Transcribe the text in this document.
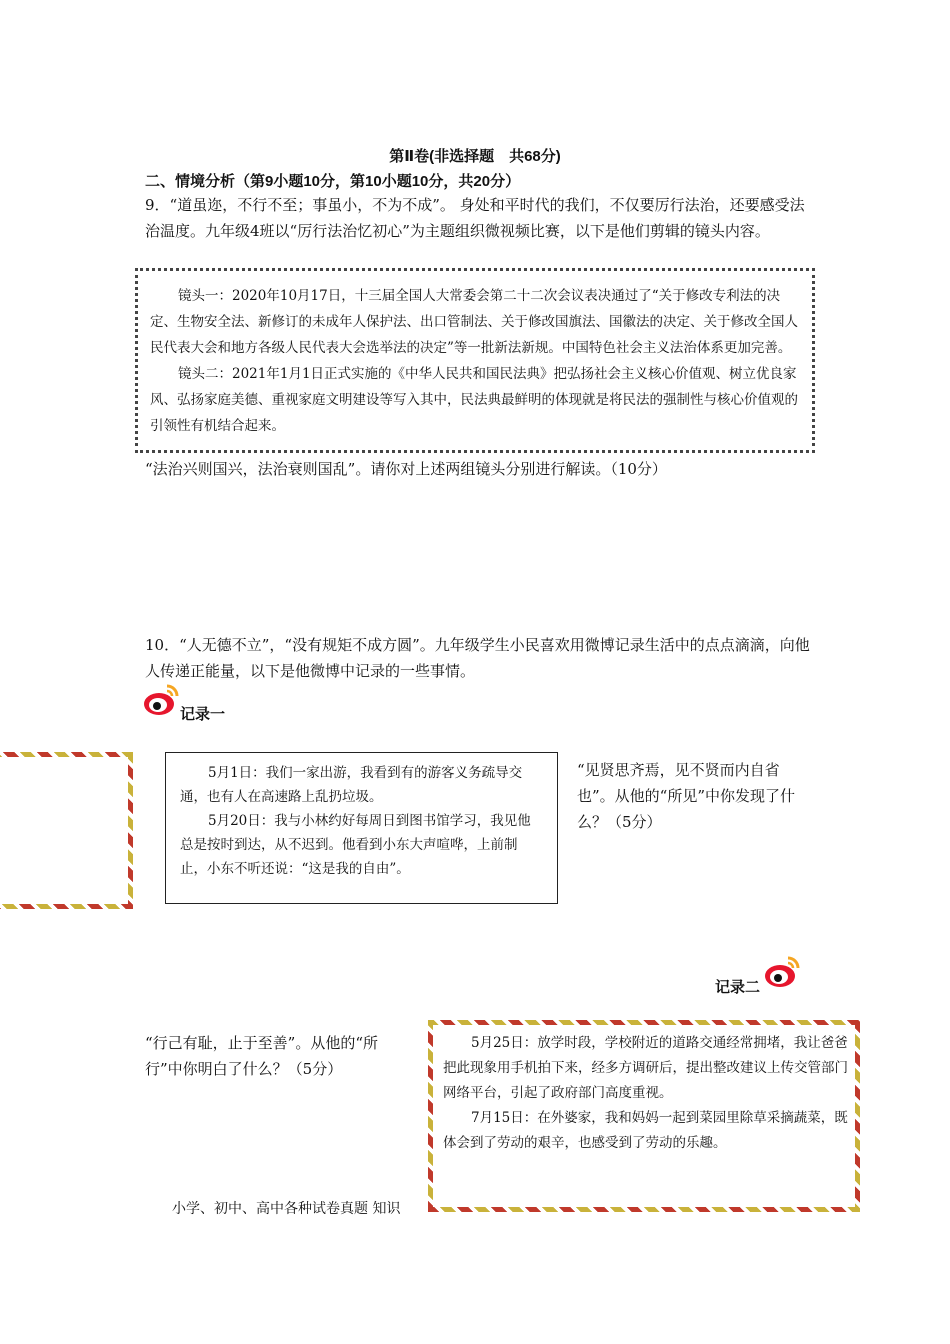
第Ⅱ卷(非选择题　共68分)
二、情境分析（第9小题10分，第10小题10分，共20分）
9．“道虽迩，不行不至；事虽小，不为不成”。 身处和平时代的我们，不仅要厉行法治，还要感受法治温度。九年级4班以“厉行法治忆初心”为主题组织微视频比赛，以下是他们剪辑的镜头内容。

镜头一：2020年10月17日，十三届全国人大常委会第二十二次会议表决通过了“关于修改专利法的决定、生物安全法、新修订的未成年人保护法、出口管制法、关于修改国旗法、国徽法的决定、关于修改全国人民代表大会和地方各级人民代表大会选举法的决定”等一批新法新规。中国特色社会主义法治体系更加完善。

镜头二：2021年1月1日正式实施的《中华人民共和国民法典》把弘扬社会主义核心价值观、树立优良家风、弘扬家庭美德、重视家庭文明建设等写入其中，民法典最鲜明的体现就是将民法的强制性与核心价值观的引领性有机结合起来。

“法治兴则国兴，法治衰则国乱”。请你对上述两组镜头分别进行解读。（10分）
10．“人无德不立”，“没有规矩不成方圆”。九年级学生小民喜欢用微博记录生活中的点点滴滴，向他人传递正能量，以下是他微博中记录的一些事情。
记录一

5月1日：我们一家出游，我看到有的游客义务疏导交通，也有人在高速路上乱扔垃圾。

5月20日：我与小林约好每周日到图书馆学习，我见他总是按时到达，从不迟到。他看到小东大声喧哗，上前制止，小东不听还说：“这是我的自由”。

“见贤思齐焉，见不贤而内自省也”。从他的“所见”中你发现了什么？（5分）
记录二
“行己有耻，止于至善”。从他的“所行”中你明白了什么？（5分）

5月25日：放学时段，学校附近的道路交通经常拥堵，我让爸爸把此现象用手机拍下来，经多方调研后，提出整改建议上传交管部门网络平台，引起了政府部门高度重视。

7月15日：在外婆家，我和妈妈一起到菜园里除草采摘蔬菜，既体会到了劳动的艰辛，也感受到了劳动的乐趣。

小学、初中、高中各种试卷真题 知识
